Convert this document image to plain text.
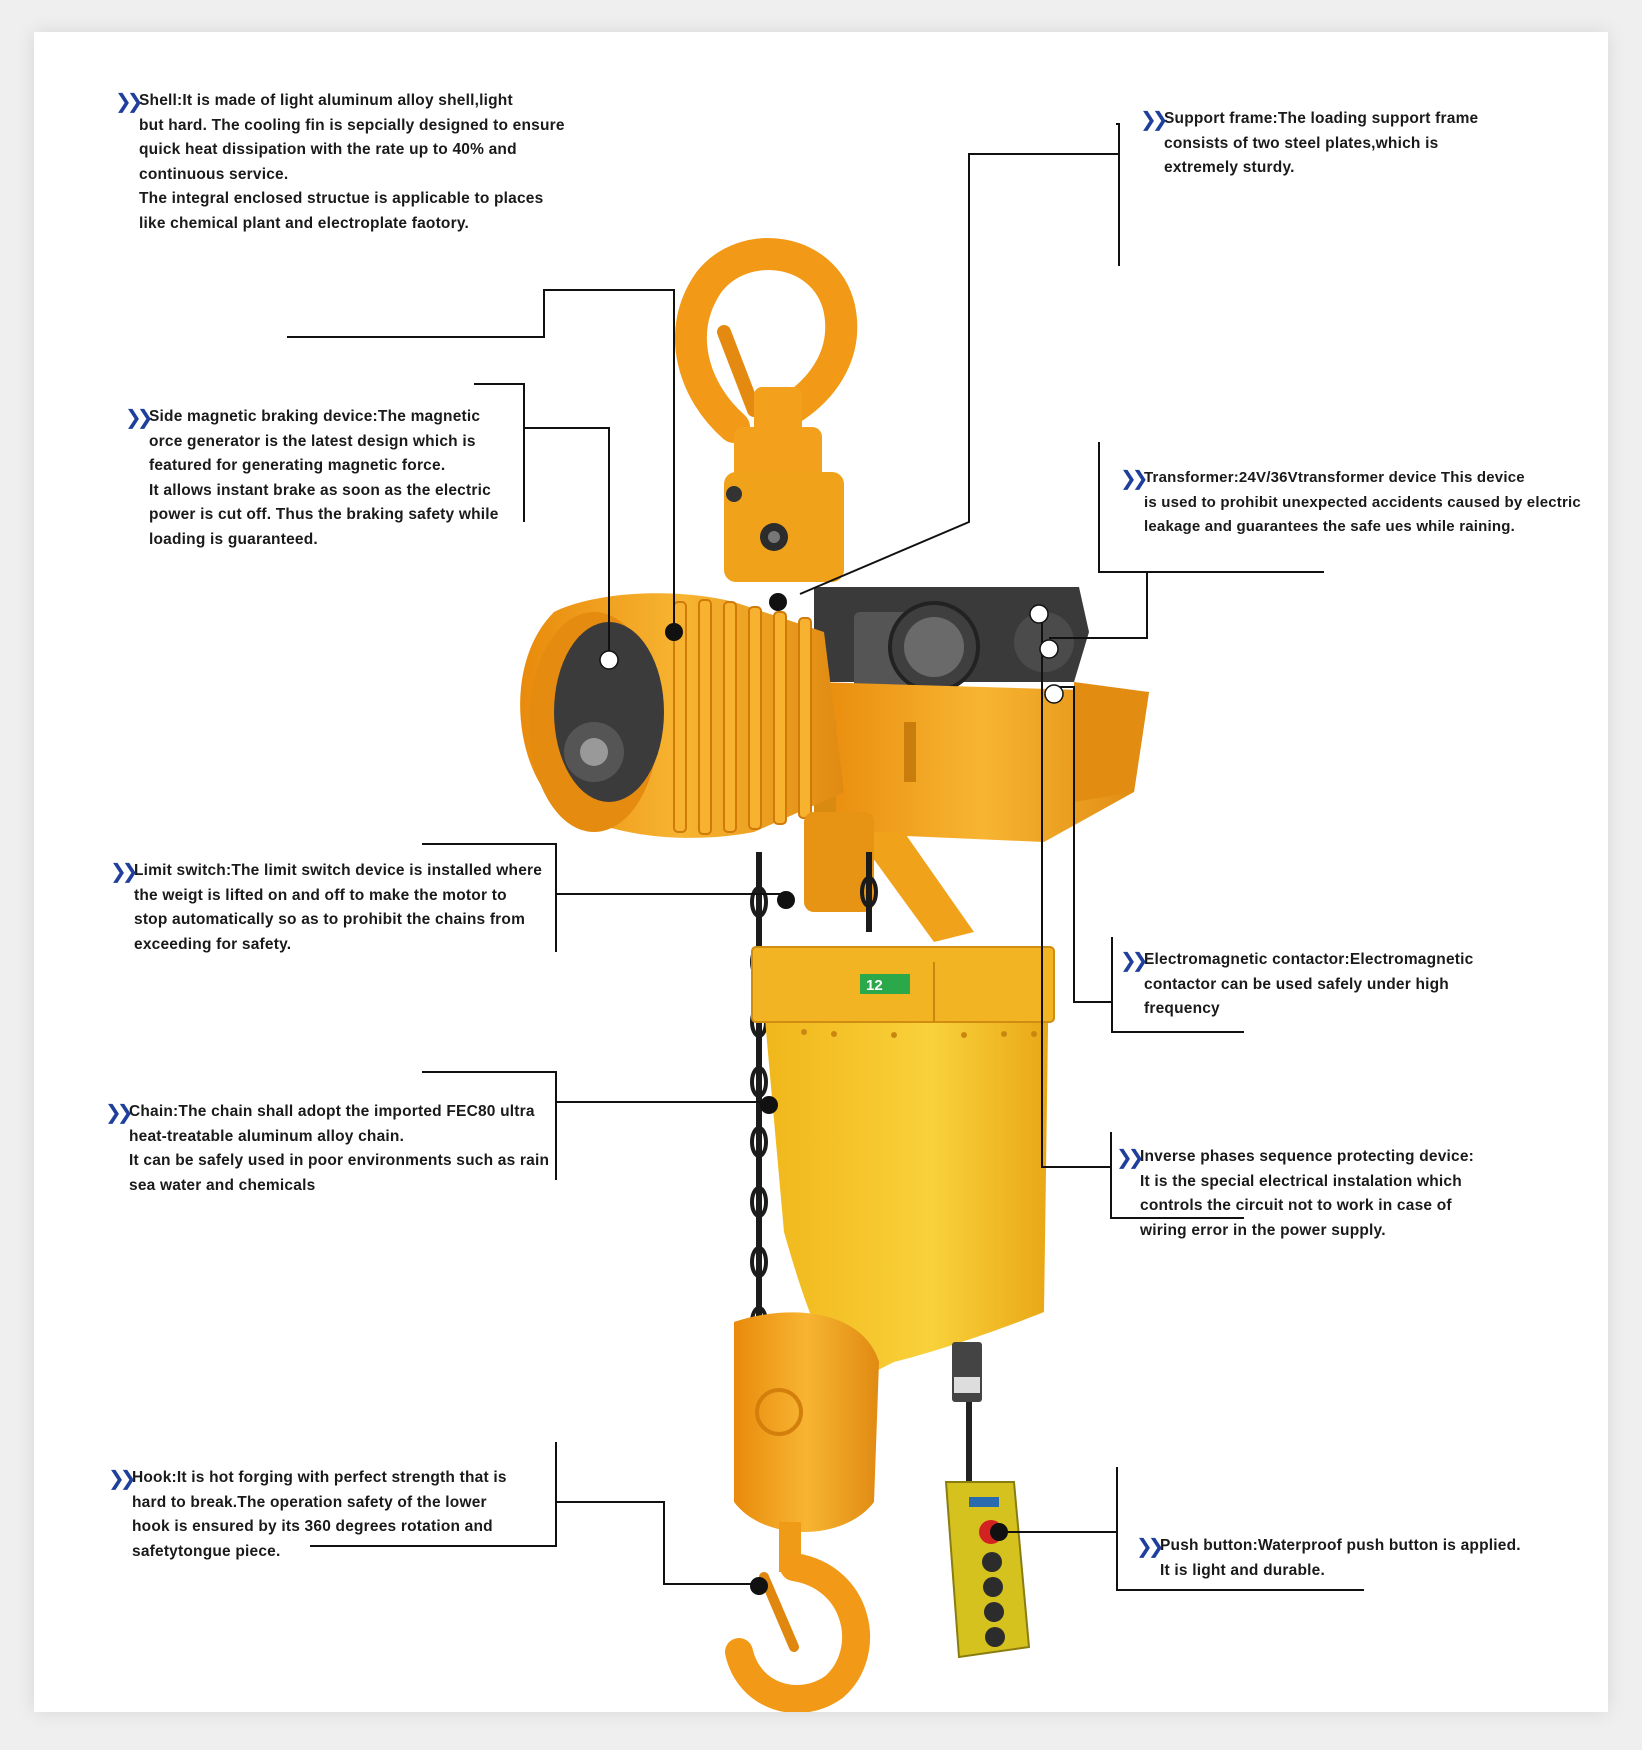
12
❯❯ Shell:It is made of light aluminum alloy shell,light

but hard. The cooling fin is sepcially designed to ensure

quick heat dissipation with the rate up to 40% and

continuous service.

The integral enclosed structue is applicable to places

like chemical plant and electroplate faotory.

❯❯ Side magnetic braking device:The magnetic

orce generator is the latest design which is

featured for generating magnetic force.

It allows instant brake as soon as the electric

power is cut off. Thus the braking safety while

loading is guaranteed.

❯❯ Limit switch:The limit switch device is installed where

the weigt is lifted on and off to make the motor to

stop automatically so as to prohibit the chains from

exceeding for safety.

❯❯ Chain:The chain shall adopt the imported FEC80 ultra

heat-treatable aluminum alloy chain.

It can be safely used in poor environments such as rain

sea water and chemicals

❯❯ Hook:It is hot forging with perfect strength that is

hard to break.The operation safety of the lower

hook is ensured by its 360 degrees rotation and

safetytongue piece.

❯❯ Support frame:The loading support frame

consists of two steel plates,which is

extremely sturdy.

❯❯ Transformer:24V/36Vtransformer device This device

is used to prohibit unexpected accidents caused by electric

leakage and guarantees the safe ues while raining.

❯❯ Electromagnetic contactor:Electromagnetic

contactor can be used safely under high

frequency

❯❯ Inverse phases sequence protecting device:

It is the special electrical instalation which

controls the circuit not to work in case of

wiring error in the power supply.

❯❯ Push button:Waterproof push button is applied.

It is light and durable.
